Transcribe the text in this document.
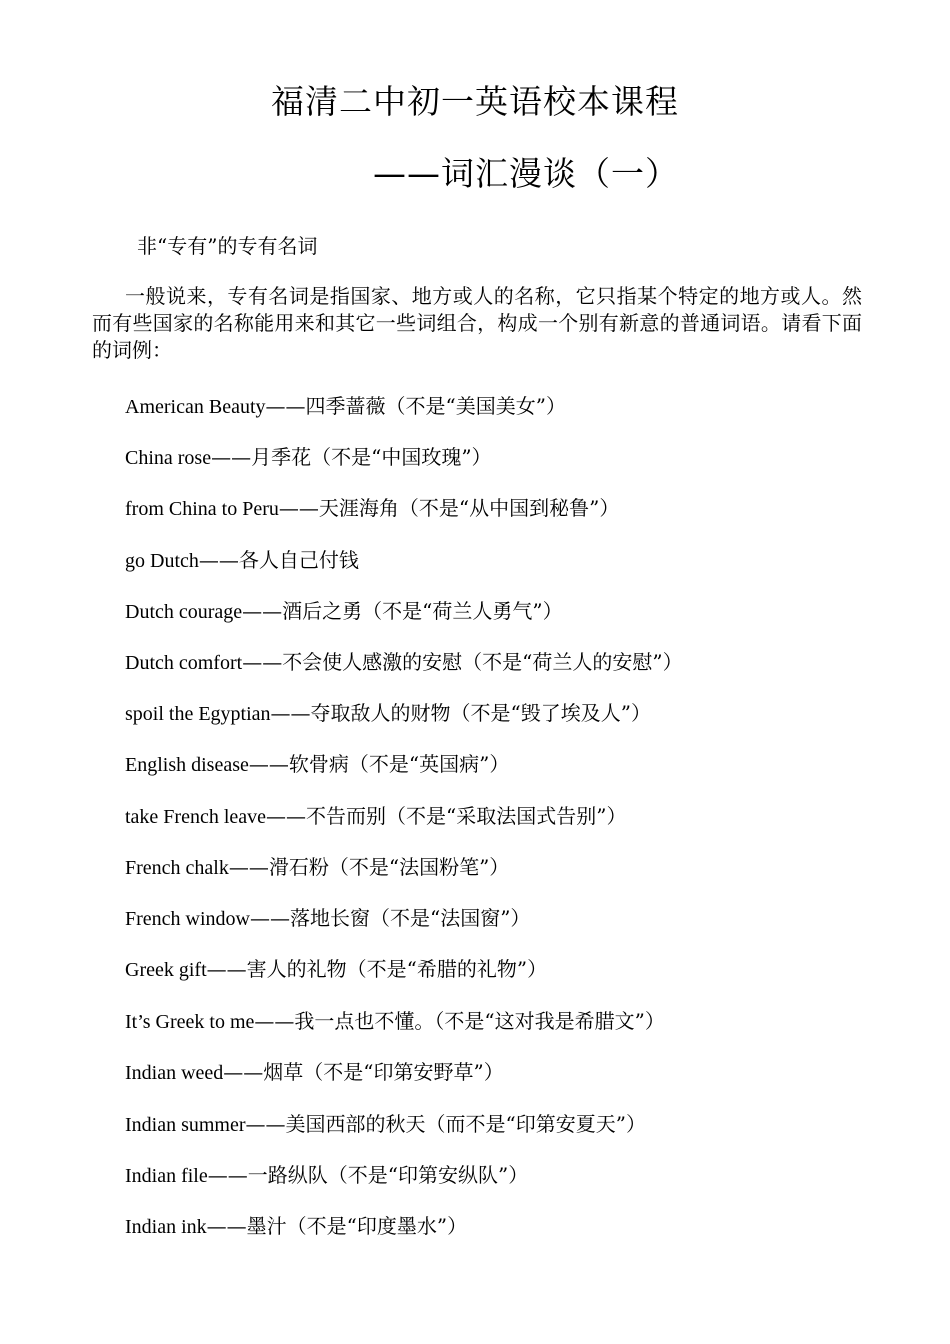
福清二中初一英语校本课程
——词汇漫谈（一）
非“专有”的专有名词
一般说来，专有名词是指国家、地方或人的名称，它只指某个特定的地方或人。然而有些国家的名称能用来和其它一些词组合，构成一个别有新意的普通词语。请看下面的词例：
American Beauty——四季蔷薇（不是“美国美女”）
China rose——月季花（不是“中国玫瑰”）
from China to Peru——天涯海角（不是“从中国到秘鲁”）
go Dutch——各人自己付钱
Dutch courage——酒后之勇（不是“荷兰人勇气”）
Dutch comfort——不会使人感激的安慰（不是“荷兰人的安慰”）
spoil the Egyptian——夺取敌人的财物（不是“毁了埃及人”）
English disease——软骨病（不是“英国病”）
take French leave——不告而别（不是“采取法国式告别”）
French chalk——滑石粉（不是“法国粉笔”）
French window——落地长窗（不是“法国窗”）
Greek gift——害人的礼物（不是“希腊的礼物”）
It’s Greek to me——我一点也不懂。（不是“这对我是希腊文”）
Indian weed——烟草（不是“印第安野草”）
Indian summer——美国西部的秋天（而不是“印第安夏天”）
Indian file——一路纵队（不是“印第安纵队”）
Indian ink——墨汁（不是“印度墨水”）
